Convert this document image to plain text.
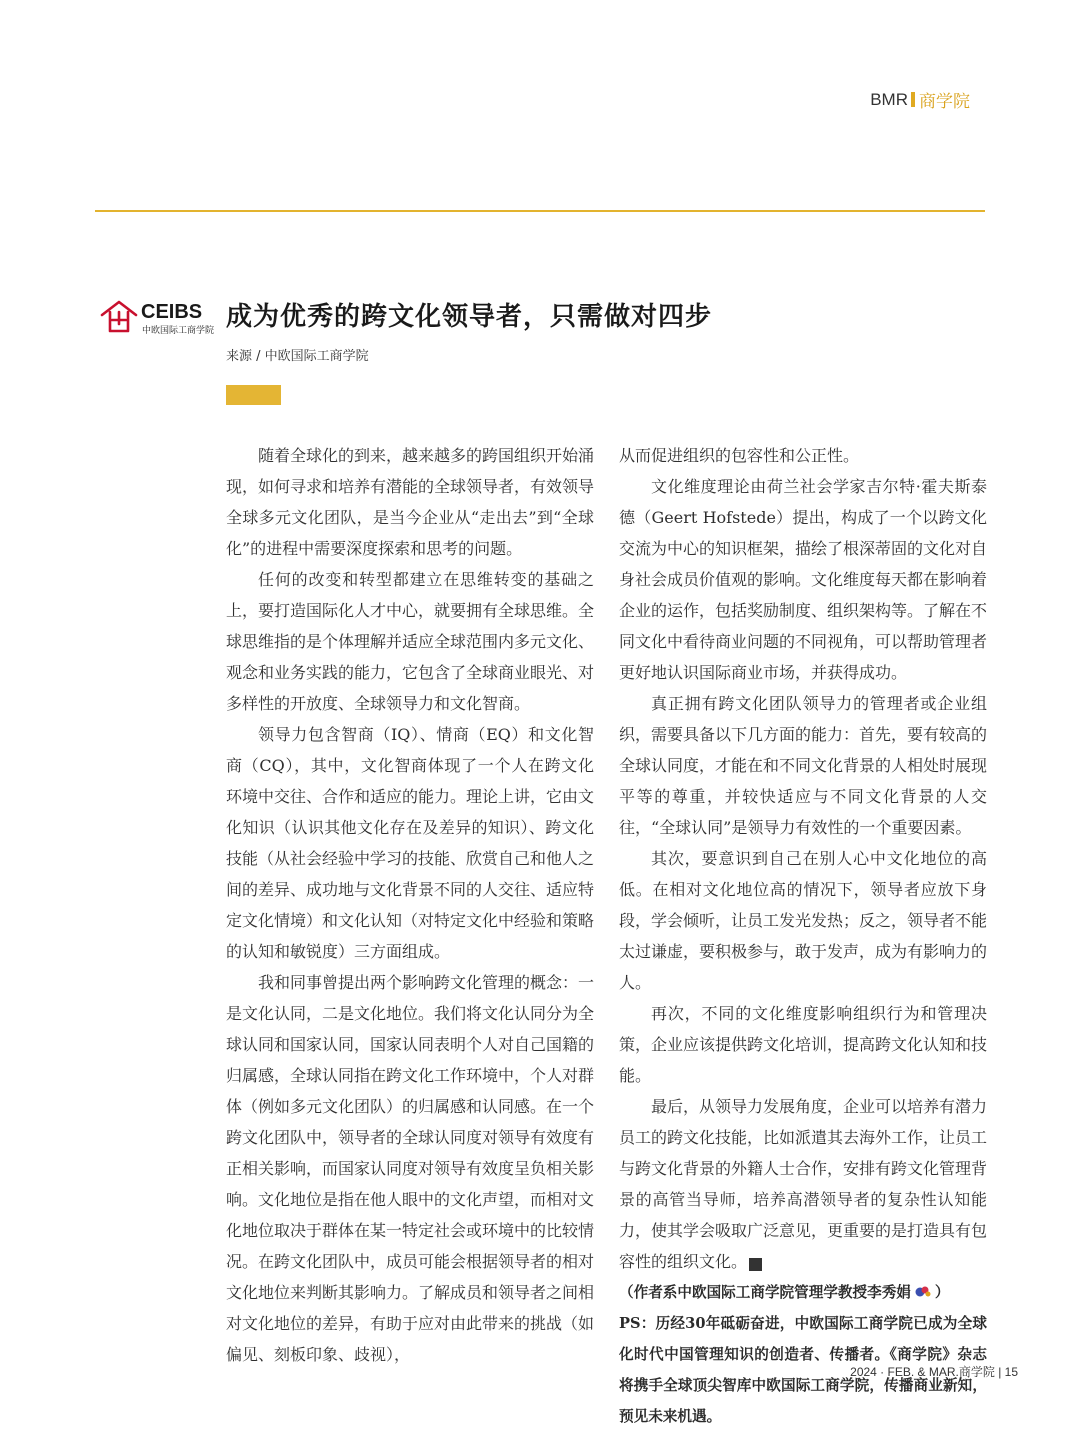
BMR 商学院
CEIBS
中欧国际工商学院 成为优秀的跨文化领导者，只需做对四步
来源 / 中欧国际工商学院

随着全球化的到来，越来越多的跨国组织开始涌现，如何寻求和培养有潜能的全球领导者，有效领导全球多元文化团队，是当今企业从“走出去”到“全球化”的进程中需要深度探索和思考的问题。

任何的改变和转型都建立在思维转变的基础之上，要打造国际化人才中心，就要拥有全球思维。全球思维指的是个体理解并适应全球范围内多元文化、观念和业务实践的能力，它包含了全球商业眼光、对多样性的开放度、全球领导力和文化智商。

领导力包含智商（IQ）、情商（EQ）和文化智商（CQ），其中，文化智商体现了一个人在跨文化环境中交往、合作和适应的能力。理论上讲，它由文化知识（认识其他文化存在及差异的知识）、跨文化技能（从社会经验中学习的技能、欣赏自己和他人之间的差异、成功地与文化背景不同的人交往、适应特定文化情境）和文化认知（对特定文化中经验和策略的认知和敏锐度）三方面组成。

我和同事曾提出两个影响跨文化管理的概念：一是文化认同，二是文化地位。我们将文化认同分为全球认同和国家认同，国家认同表明个人对自己国籍的归属感，全球认同指在跨文化工作环境中，个人对群体（例如多元文化团队）的归属感和认同感。在一个跨文化团队中，领导者的全球认同度对领导有效度有正相关影响，而国家认同度对领导有效度呈负相关影响。文化地位是指在他人眼中的文化声望，而相对文化地位取决于群体在某一特定社会或环境中的比较情况。在跨文化团队中，成员可能会根据领导者的相对文化地位来判断其影响力。了解成员和领导者之间相对文化地位的差异，有助于应对由此带来的挑战（如偏见、刻板印象、歧视），

从而促进组织的包容性和公正性。

文化维度理论由荷兰社会学家吉尔特·霍夫斯泰德（Geert Hofstede）提出，构成了一个以跨文化交流为中心的知识框架，描绘了根深蒂固的文化对自身社会成员价值观的影响。文化维度每天都在影响着企业的运作，包括奖励制度、组织架构等。了解在不同文化中看待商业问题的不同视角，可以帮助管理者更好地认识国际商业市场，并获得成功。

真正拥有跨文化团队领导力的管理者或企业组织，需要具备以下几方面的能力：首先，要有较高的全球认同度，才能在和不同文化背景的人相处时展现平等的尊重，并较快适应与不同文化背景的人交往，“全球认同”是领导力有效性的一个重要因素。

其次，要意识到自己在别人心中文化地位的高低。在相对文化地位高的情况下，领导者应放下身段，学会倾听，让员工发光发热；反之，领导者不能太过谦虚，要积极参与，敢于发声，成为有影响力的人。

再次，不同的文化维度影响组织行为和管理决策，企业应该提供跨文化培训，提高跨文化认知和技能。

最后，从领导力发展角度，企业可以培养有潜力员工的跨文化技能，比如派遣其去海外工作，让员工与跨文化背景的外籍人士合作，安排有跨文化管理背景的高管当导师，培养高潜领导者的复杂性认知能力，使其学会吸取广泛意见，更重要的是打造具有包容性的组织文化。	商

（作者系中欧国际工商学院管理学教授李秀娟 ）

PS：历经30年砥砺奋进，中欧国际工商学院已成为全球化时代中国管理知识的创造者、传播者。《商学院》杂志将携手全球顶尖智库中欧国际工商学院，传播商业新知，预见未来机遇。

2024 · FEB. & MAR.商学院 | 15
